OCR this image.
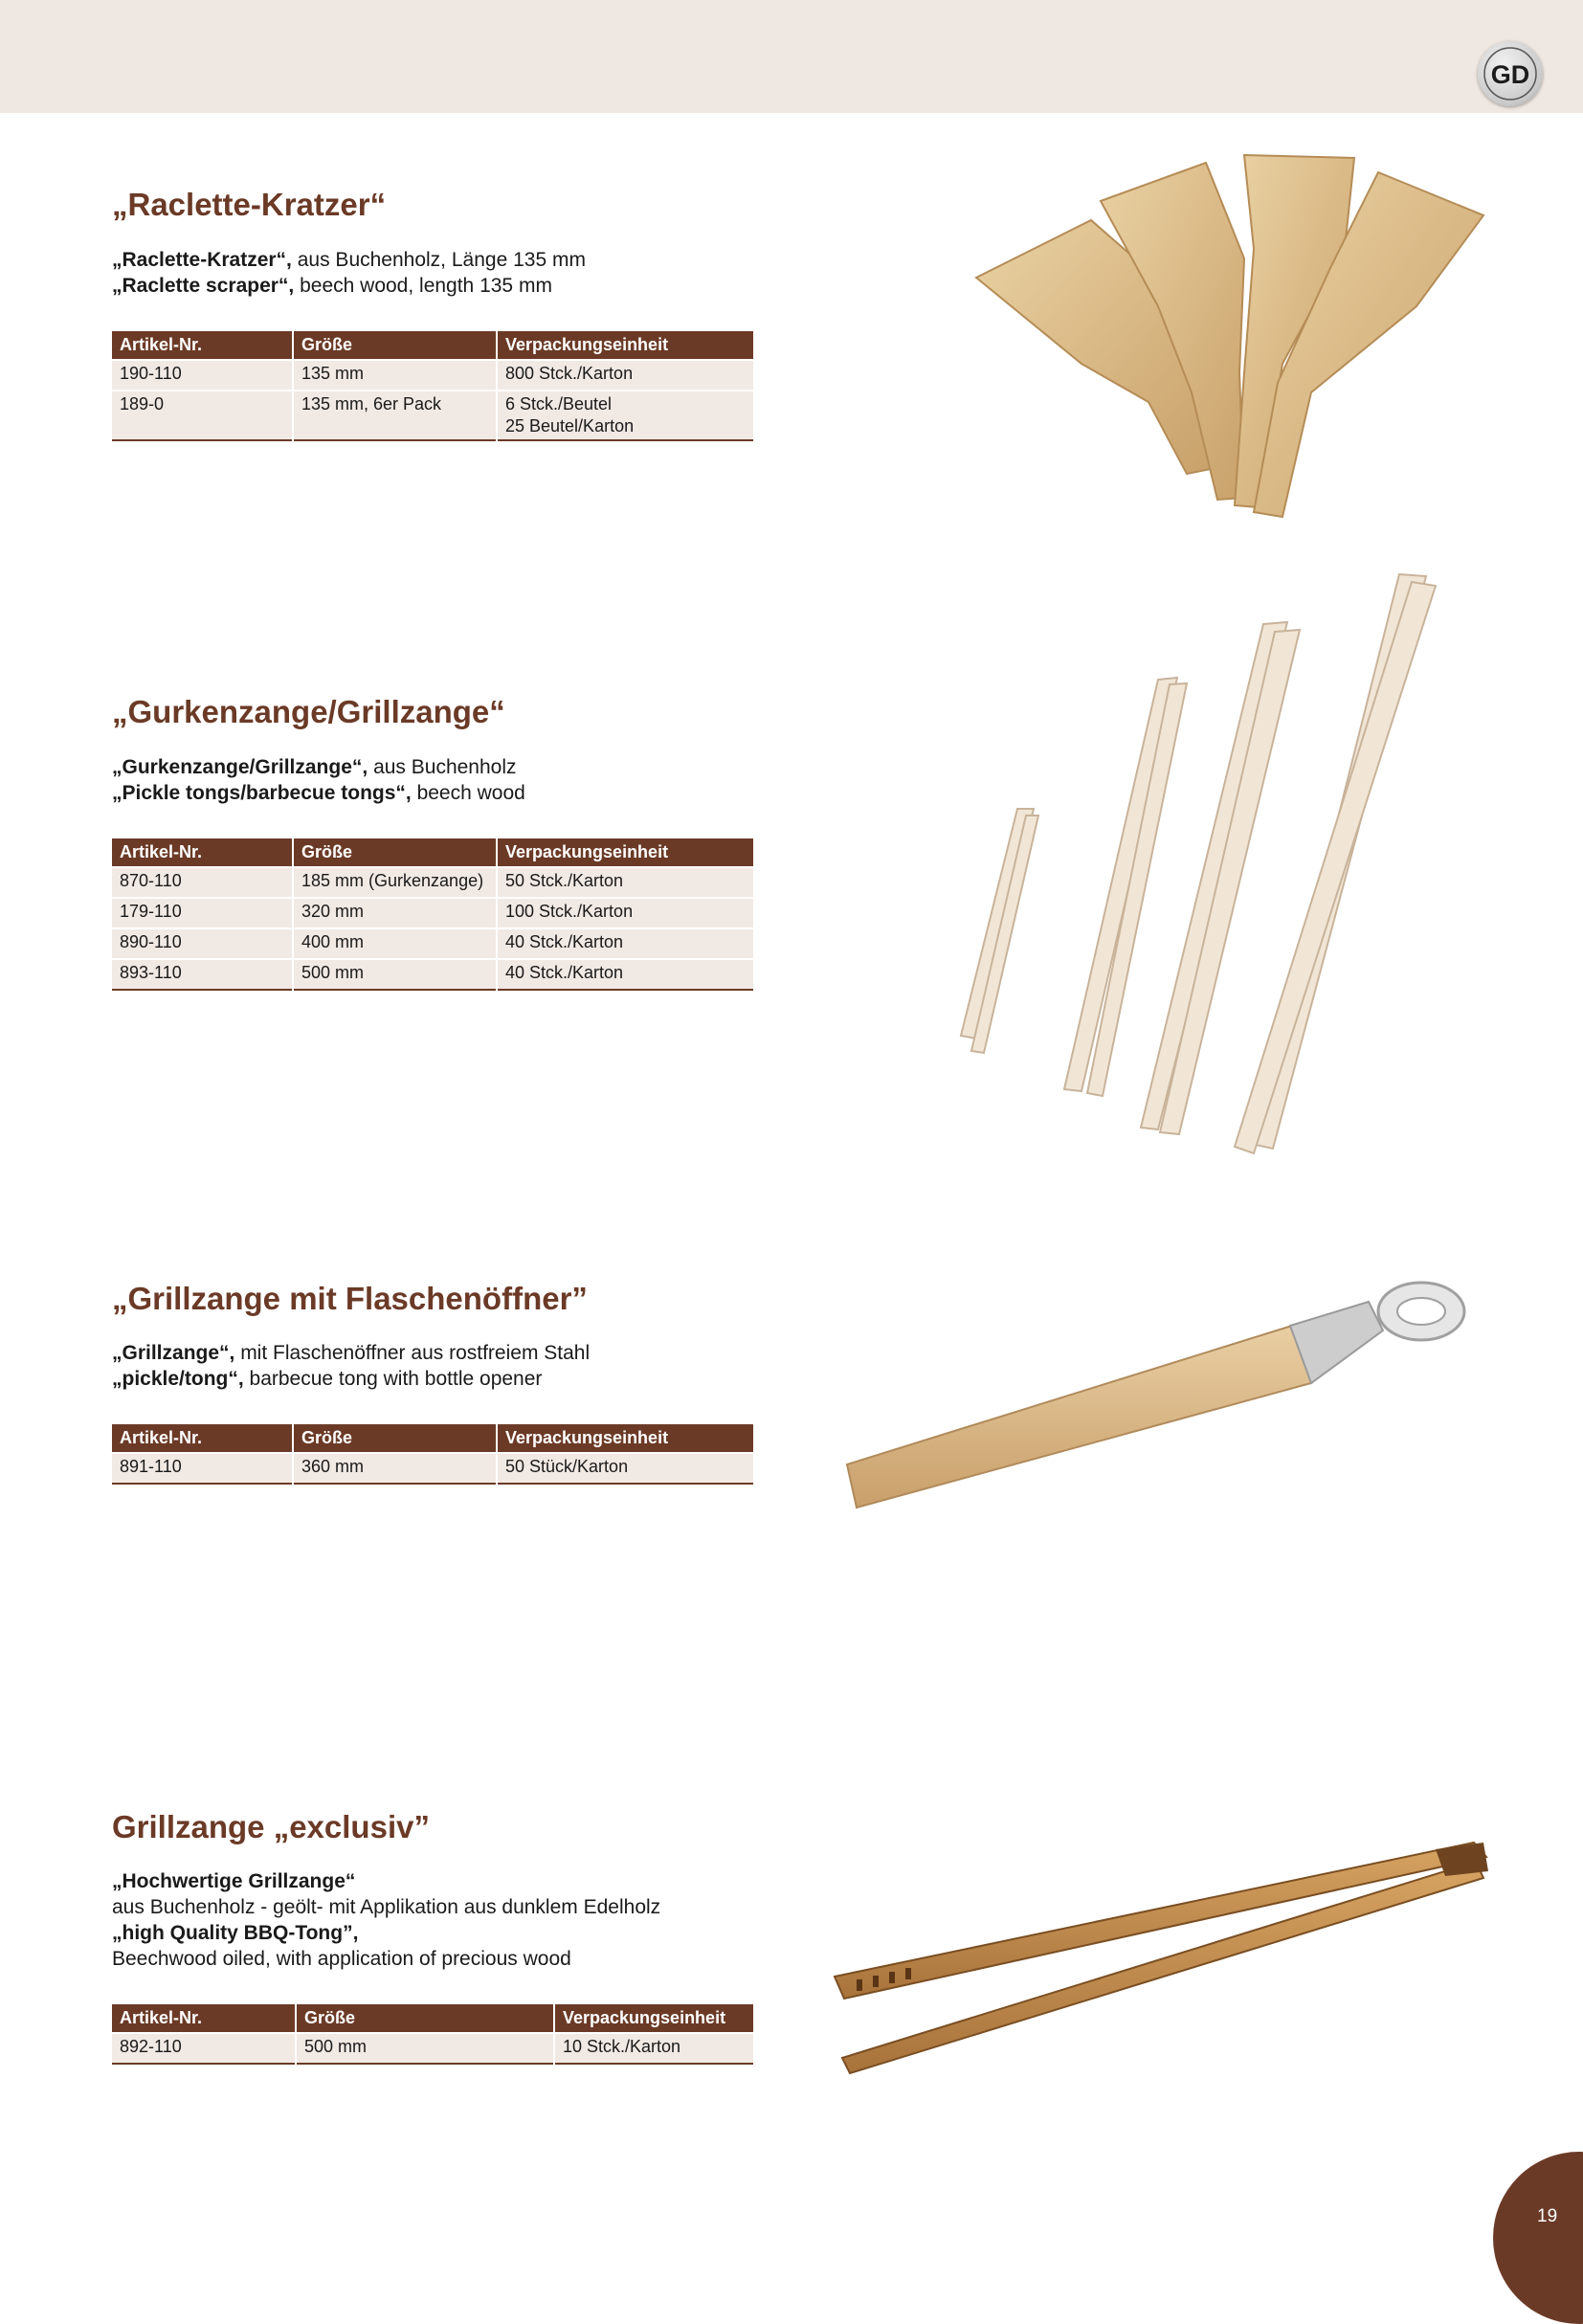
GD
„Raclette-Kratzer“
„Raclette-Kratzer“, aus Buchenholz, Länge 135 mm
„Raclette scraper“, beech wood, length 135 mm
Artikel-Nr.	Größe	Verpackungseinheit
190-110	135 mm	800 Stck./Karton
189-0	135 mm, 6er Pack	6 Stck./Beutel
25 Beutel/Karton
„Gurkenzange/Grillzange“
„Gurkenzange/Grillzange“, aus Buchenholz
„Pickle tongs/barbecue tongs“, beech wood
Artikel-Nr.	Größe	Verpackungseinheit
870-110	185 mm (Gurkenzange)	50 Stck./Karton
179-110	320 mm	100 Stck./Karton
890-110	400 mm	40 Stck./Karton
893-110	500 mm	40 Stck./Karton
„Grillzange mit Flaschenöffner”
„Grillzange“, mit Flaschenöffner aus rostfreiem Stahl
„pickle/tong“, barbecue tong with bottle opener
Artikel-Nr.	Größe	Verpackungseinheit
891-110	360 mm	50 Stück/Karton
Grillzange „exclusiv”
„Hochwertige Grillzange“
aus Buchenholz - geölt- mit Applikation aus dunklem Edelholz
„high Quality BBQ-Tong”,
Beechwood oiled, with application of precious wood
Artikel-Nr.	Größe	Verpackungseinheit
892-110	500 mm	10 Stck./Karton
19
